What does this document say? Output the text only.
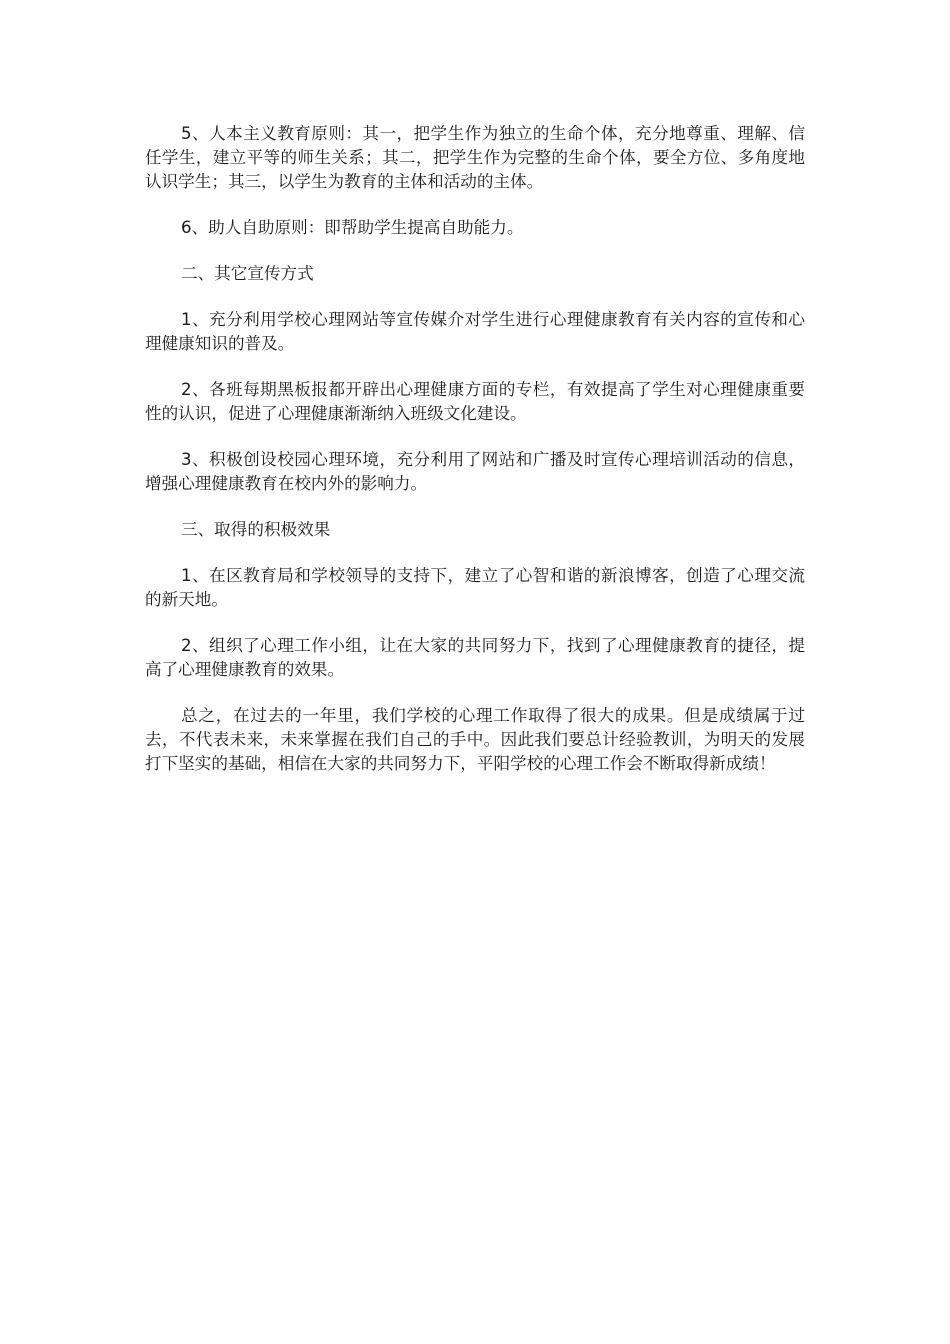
5、人本主义教育原则：其一，把学生作为独立的生命个体，充分地尊重、理解、信任学生，建立平等的师生关系；其二，把学生作为完整的生命个体，要全方位、多角度地认识学生；其三，以学生为教育的主体和活动的主体。

6、助人自助原则：即帮助学生提高自助能力。

二、其它宣传方式

1、充分利用学校心理网站等宣传媒介对学生进行心理健康教育有关内容的宣传和心理健康知识的普及。

2、各班每期黑板报都开辟出心理健康方面的专栏，有效提高了学生对心理健康重要性的认识，促进了心理健康渐渐纳入班级文化建设。

3、积极创设校园心理环境，充分利用了网站和广播及时宣传心理培训活动的信息，增强心理健康教育在校内外的影响力。

三、取得的积极效果

1、在区教育局和学校领导的支持下，建立了心智和谐的新浪博客，创造了心理交流的新天地。

2、组织了心理工作小组，让在大家的共同努力下，找到了心理健康教育的捷径，提高了心理健康教育的效果。

总之，在过去的一年里，我们学校的心理工作取得了很大的成果。但是成绩属于过去，不代表未来，未来掌握在我们自己的手中。因此我们要总计经验教训，为明天的发展打下坚实的基础，相信在大家的共同努力下，平阳学校的心理工作会不断取得新成绩！
